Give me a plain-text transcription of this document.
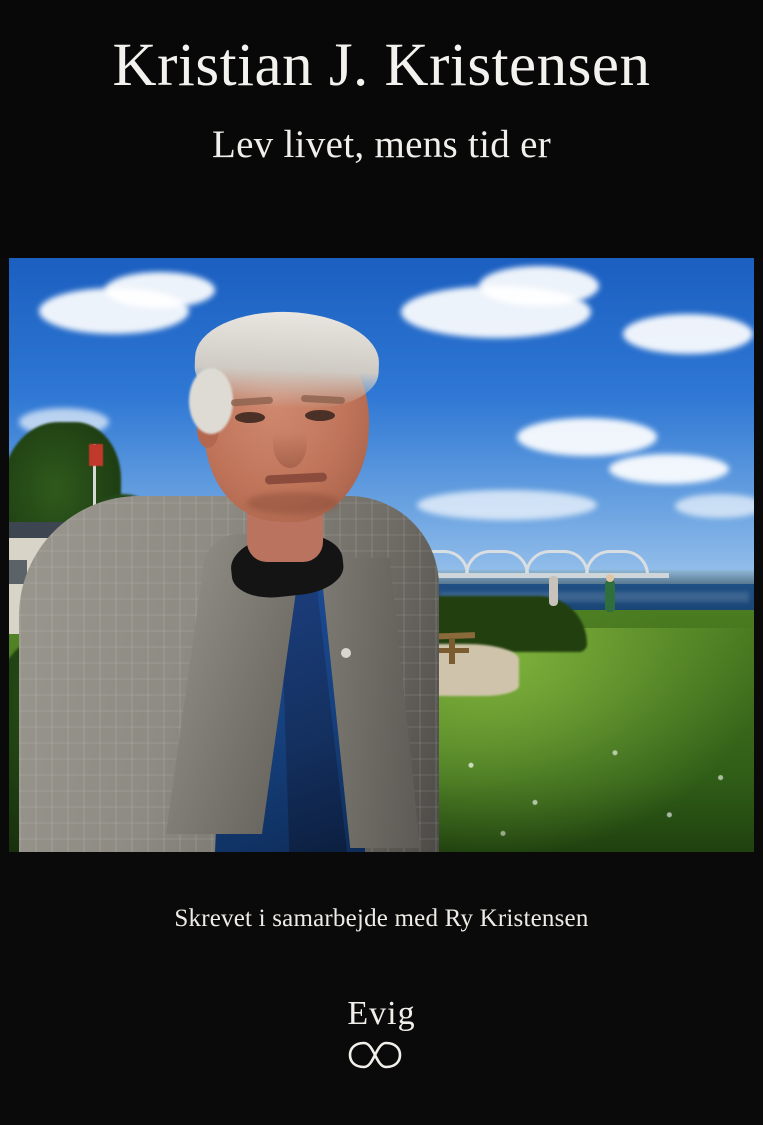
Kristian J. Kristensen
Lev livet, mens tid er
Skrevet i samarbejde med Ry Kristensen
Evig
